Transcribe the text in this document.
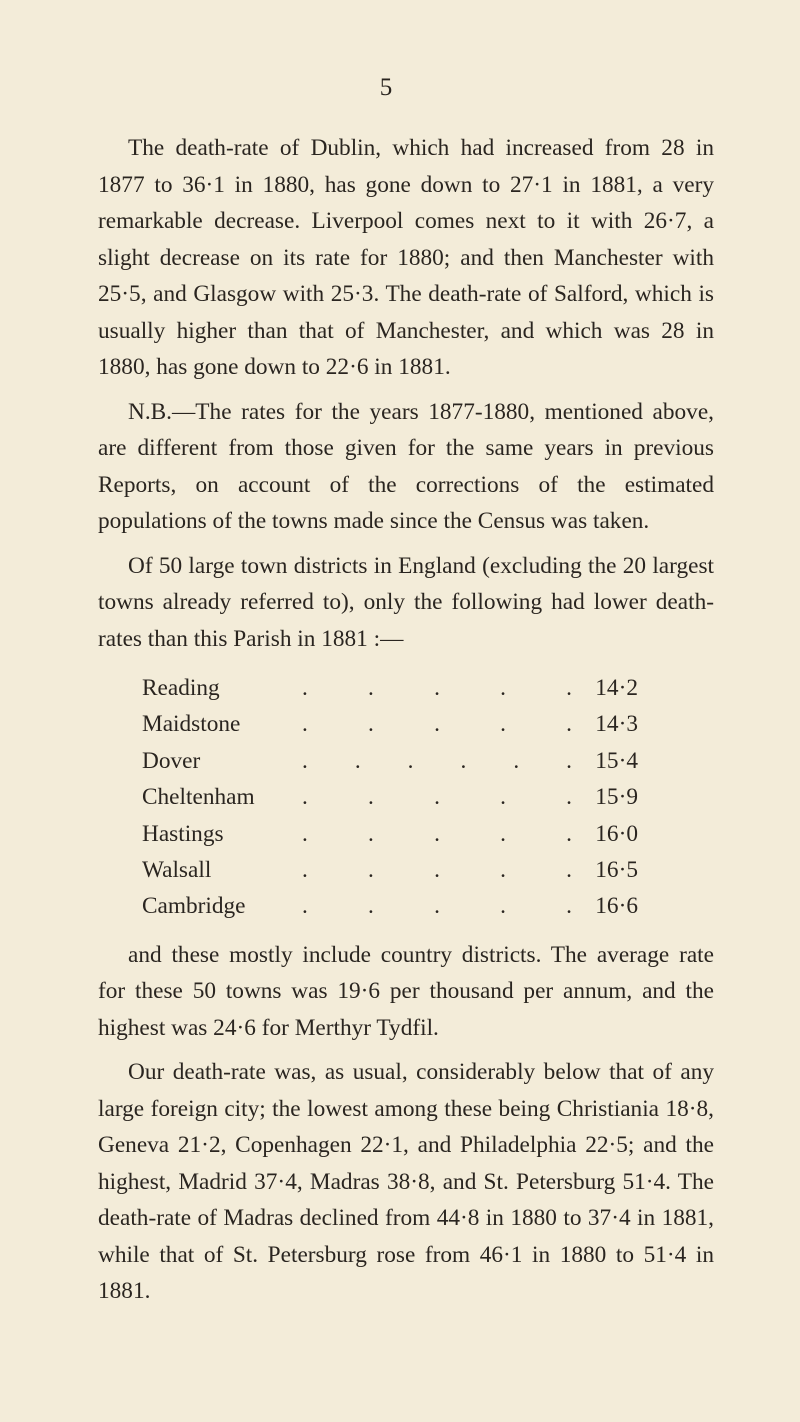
5

The death-rate of Dublin, which had increased from 28 in 1877 to 36·1 in 1880, has gone down to 27·1 in 1881, a very remarkable decrease. Liverpool comes next to it with 26·7, a slight decrease on its rate for 1880; and then Manchester with 25·5, and Glasgow with 25·3. The death-rate of Salford, which is usually higher than that of Manchester, and which was 28 in 1880, has gone down to 22·6 in 1881.

N.B.—The rates for the years 1877-1880, mentioned above, are different from those given for the same years in previous Reports, on account of the corrections of the estimated populations of the towns made since the Census was taken.

Of 50 large town districts in England (excluding the 20 largest towns already referred to), only the following had lower death-rates than this Parish in 1881 :—

Reading	.	.	.	.	. 14·2
Maidstone	.	.	.	.	. 14·3
Dover	. . . . . . 15·4
Cheltenham	.	.	.	.	. 15·9
Hastings	.	.	.	.	. 16·0
Walsall	.	.	.	.	. 16·5
Cambridge	.	.	.	.	. 16·6

and these mostly include country districts. The average rate for these 50 towns was 19·6 per thousand per annum, and the highest was 24·6 for Merthyr Tydfil.

Our death-rate was, as usual, considerably below that of any large foreign city; the lowest among these being Christiania 18·8, Geneva 21·2, Copenhagen 22·1, and Philadelphia 22·5; and the highest, Madrid 37·4, Madras 38·8, and St. Petersburg 51·4. The death-rate of Madras declined from 44·8 in 1880 to 37·4 in 1881, while that of St. Petersburg rose from 46·1 in 1880 to 51·4 in 1881.
